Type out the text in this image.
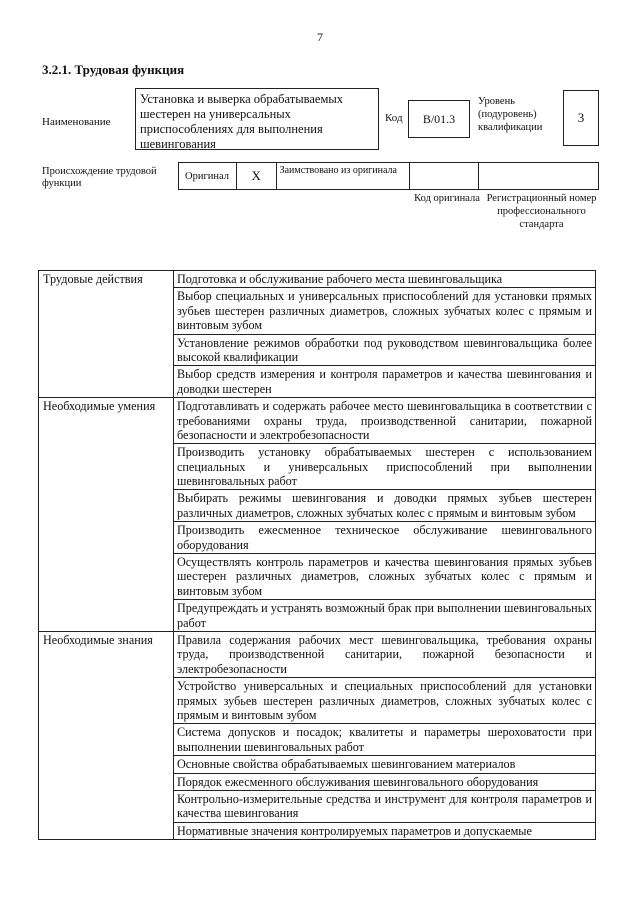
7
3.2.1. Трудовая функция
Наименование
Установка и выверка обрабатываемых шестерен на универсальных приспособлениях для выполнения шевингования
Код	B/01.3
Уровень (подуровень) квалификации
3
Происхождение трудовой функции
Оригинал	X	Заимствовано из оригинала
Код оригинала Регистрационный номер профессионального стандарта
Трудовые действия	Подготовка и обслуживание рабочего места шевинговальщика
	Выбор специальных и универсальных приспособлений для установки прямых зубьев шестерен различных диаметров, сложных зубчатых колес с прямым и винтовым зубом
	Установление режимов обработки под руководством шевинговальщика более высокой квалификации
	Выбор средств измерения и контроля параметров и качества шевингования и доводки шестерен
Необходимые умения	Подготавливать и содержать рабочее место шевинговальщика в соответствии с требованиями охраны труда, производственной санитарии, пожарной безопасности и электробезопасности
	Производить установку обрабатываемых шестерен с использованием специальных и универсальных приспособлений при выполнении шевинговальных работ
	Выбирать режимы шевингования и доводки прямых зубьев шестерен различных диаметров, сложных зубчатых колес с прямым и винтовым зубом
	Производить ежесменное техническое обслуживание шевинговального оборудования
	Осуществлять контроль параметров и качества шевингования прямых зубьев шестерен различных диаметров, сложных зубчатых колес с прямым и винтовым зубом
	Предупреждать и устранять возможный брак при выполнении шевинговальных работ
Необходимые знания	Правила содержания рабочих мест шевинговальщика, требования охраны труда, производственной санитарии, пожарной безопасности и электробезопасности
	Устройство универсальных и специальных приспособлений для установки прямых зубьев шестерен различных диаметров, сложных зубчатых колес с прямым и винтовым зубом
	Система допусков и посадок; квалитеты и параметры шероховатости при выполнении шевинговальных работ
	Основные свойства обрабатываемых шевингованием материалов
	Порядок ежесменного обслуживания шевинговального оборудования
	Контрольно-измерительные средства и инструмент для контроля параметров и качества шевингования
	Нормативные значения контролируемых параметров и допускаемые
